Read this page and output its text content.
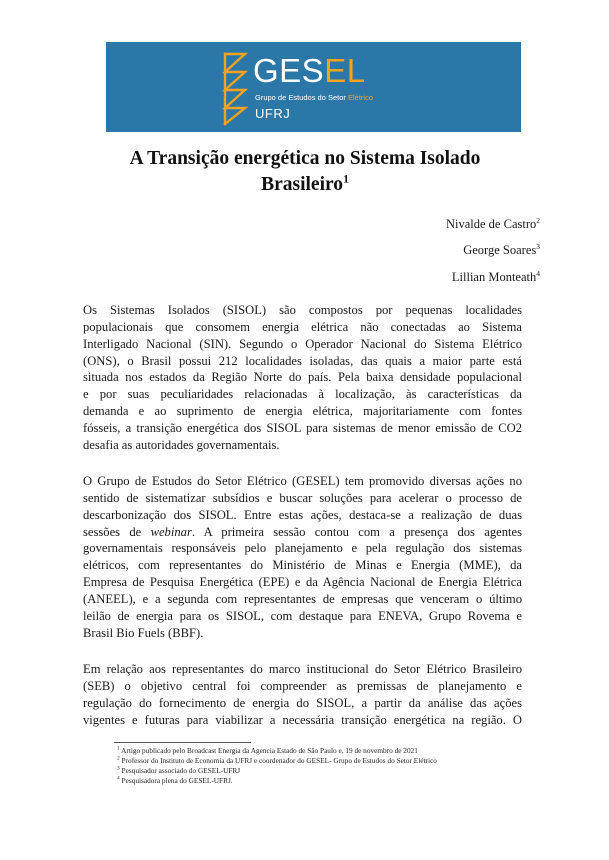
GESEL
Grupo de Estudos do Setor Elétrico
UFRJ
A Transição energética no Sistema Isolado
Brasileiro$^1$
Nivalde de Castro$^2$
George Soares$^3$
Lillian Monteath$^4$
Os Sistemas Isolados (SISOL) são compostos por pequenas localidades
populacionais que consomem energia elétrica não conectadas ao Sistema
Interligado Nacional (SIN). Segundo o Operador Nacional do Sistema Elétrico
(ONS), o Brasil possui 212 localidades isoladas, das quais a maior parte está
situada nos estados da Região Norte do país. Pela baixa densidade populacional
e por suas peculiaridades relacionadas à localização, às características da
demanda e ao suprimento de energia elétrica, majoritariamente com fontes
fósseis, a transição energética dos SISOL para sistemas de menor emissão de CO2
desafia as autoridades governamentais.
O Grupo de Estudos do Setor Elétrico (GESEL) tem promovido diversas ações no
sentido de sistematizar subsídios e buscar soluções para acelerar o processo de
descarbonização dos SISOL. Entre estas ações, destaca-se a realização de duas
sessões de webinar. A primeira sessão contou com a presença dos agentes
governamentais responsáveis pelo planejamento e pela regulação dos sistemas
elétricos, com representantes do Ministério de Minas e Energia (MME), da
Empresa de Pesquisa Energética (EPE) e da Agência Nacional de Energia Elétrica
(ANEEL), e a segunda com representantes de empresas que venceram o último
leilão de energia para os SISOL, com destaque para ENEVA, Grupo Rovema e
Brasil Bio Fuels (BBF).
Em relação aos representantes do marco institucional do Setor Elétrico Brasileiro
(SEB) o objetivo central foi compreender as premissas de planejamento e
regulação do fornecimento de energia do SISOL, a partir da análise das ações
vigentes e futuras para viabilizar a necessária transição energética na região. O
$^1$ Artigo publicado pelo Broadcast Energia da Agencia Estado de São Paulo e, 19 de novembro de 2021
$^2$ Professor do Instituto de Economia da UFRJ e coordenador do GESEL- Grupo de Estudos do Setor Elétrico
$^3$ Pesquisador associado do GESEL-UFRJ
$^4$ Pesquisadora plena do GESEL-UFRJ.
